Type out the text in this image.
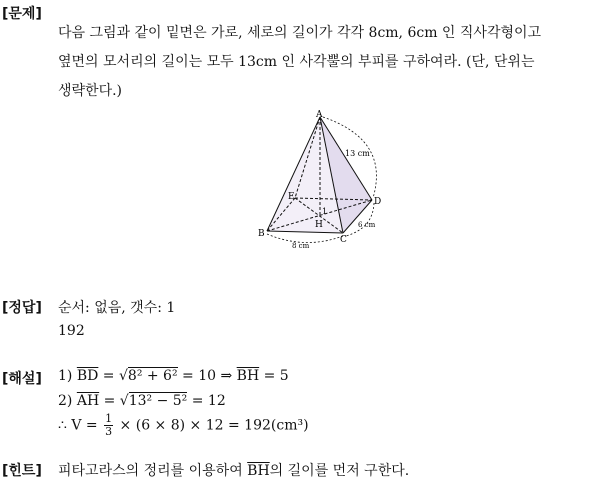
[문제]
다음 그림과 같이 밑면은 가로, 세로의 길이가 각각 8cm, 6cm 인 직사각형이고
옆면의 모서리의 길이는 모두 13cm 인 사각뿔의 부피를 구하여라. (단, 단위는
생략한다.)
A
B
C
D
E
H
1
13 cm
6 cm
8 cm
[정답] 순서: 없음, 갯수: 1
192
[해설] 1) $\overline{BD} = √8^2 + 6^2 = 10$ ⇒ $\overline{BH} = 5$
2) $\overline{AH} = √13^2 - 5^2 = 12$
∴ $V = \frac{1}{3} \times (6 \times 8) \times 12 = 192(cm^3)$
[힌트] 피타고라스의 정리를 이용하여 $\overline{BH}$의 길이를 먼저 구한다.
